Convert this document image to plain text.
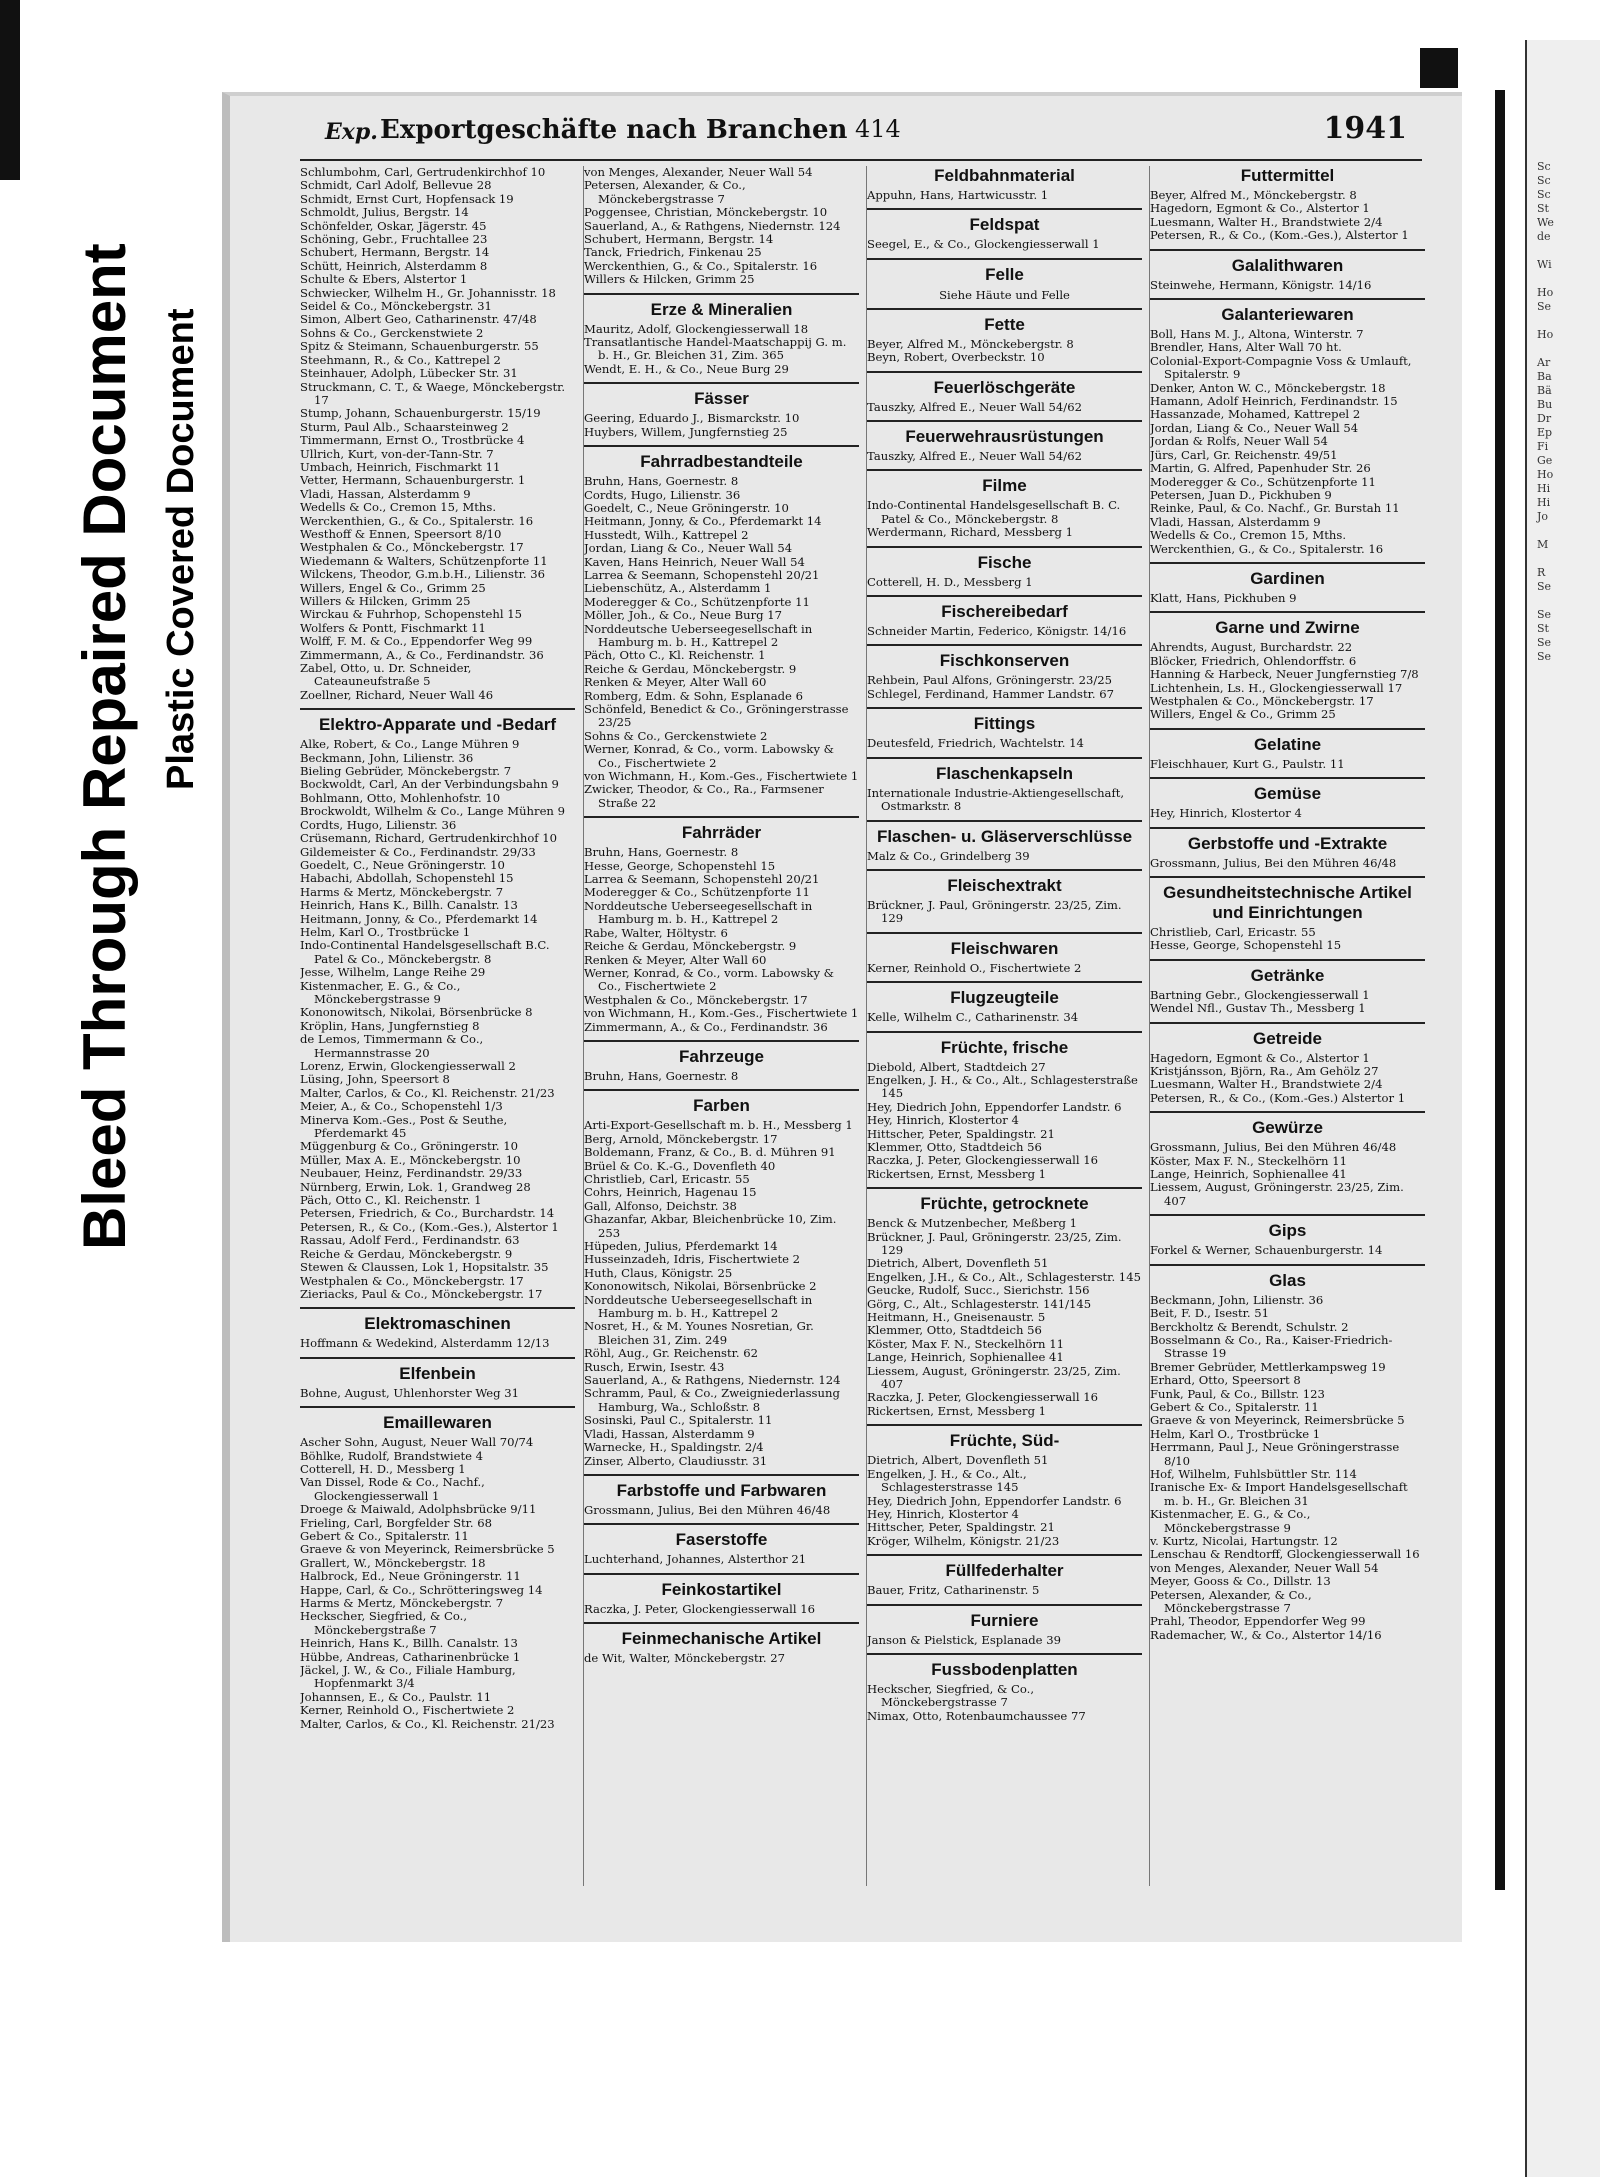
Bleed Through Repaired Document Plastic Covered Document
Exp. Exportgeschäfte nach Branchen 414	1941
Schlumbohm, Carl, Gertrudenkirchhof 10
Schmidt, Carl Adolf, Bellevue 28
Schmidt, Ernst Curt, Hopfensack 19
Schmoldt, Julius, Bergstr. 14
Schönfelder, Oskar, Jägerstr. 45
Schöning, Gebr., Fruchtallee 23
Schubert, Hermann, Bergstr. 14
Schütt, Heinrich, Alsterdamm 8
Schulte & Ebers, Alstertor 1
Schwiecker, Wilhelm H., Gr. Johannisstr. 18
Seidel & Co., Mönckebergstr. 31
Simon, Albert Geo, Catharinenstr. 47/48
Sohns & Co., Gerckenstwiete 2
Spitz & Steimann, Schauenburgerstr. 55
Steehmann, R., & Co., Kattrepel 2
Steinhauer, Adolph, Lübecker Str. 31
Struckmann, C. T., & Waege, Mönckebergstr. 17
Stump, Johann, Schauenburgerstr. 15/19
Sturm, Paul Alb., Schaarsteinweg 2
Timmermann, Ernst O., Trostbrücke 4
Ullrich, Kurt, von-der-Tann-Str. 7
Umbach, Heinrich, Fischmarkt 11
Vetter, Hermann, Schauenburgerstr. 1
Vladi, Hassan, Alsterdamm 9
Wedells & Co., Cremon 15, Mths.
Werckenthien, G., & Co., Spitalerstr. 16
Westhoff & Ennen, Speersort 8/10
Westphalen & Co., Mönckebergstr. 17
Wiedemann & Walters, Schützenpforte 11
Wilckens, Theodor, G.m.b.H., Lilienstr. 36
Willers, Engel & Co., Grimm 25
Willers & Hilcken, Grimm 25
Wirckau & Fuhrhop, Schopenstehl 15
Wolfers & Pontt, Fischmarkt 11
Wolff, F. M. & Co., Eppendorfer Weg 99
Zimmermann, A., & Co., Ferdinandstr. 36
Zabel, Otto, u. Dr. Schneider, Cateauneufstraße 5
Zoellner, Richard, Neuer Wall 46
Elektro-Apparate und -Bedarf
Alke, Robert, & Co., Lange Mühren 9
Beckmann, John, Lilienstr. 36
Bieling Gebrüder, Mönckebergstr. 7
Bockwoldt, Carl, An der Verbindungsbahn 9
Bohlmann, Otto, Mohlenhofstr. 10
Brockwoldt, Wilhelm & Co., Lange Mühren 9
Cordts, Hugo, Lilienstr. 36
Crüsemann, Richard, Gertrudenkirchhof 10
Gildemeister & Co., Ferdinandstr. 29/33
Goedelt, C., Neue Gröningerstr. 10
Habachi, Abdollah, Schopenstehl 15
Harms & Mertz, Mönckebergstr. 7
Heinrich, Hans K., Billh. Canalstr. 13
Heitmann, Jonny, & Co., Pferdemarkt 14
Helm, Karl O., Trostbrücke 1
Indo-Continental Handelsgesellschaft B.C. Patel & Co., Mönckebergstr. 8
Jesse, Wilhelm, Lange Reihe 29
Kistenmacher, E. G., & Co., Mönckebergstrasse 9
Kononowitsch, Nikolai, Börsenbrücke 8
Kröplin, Hans, Jungfernstieg 8
de Lemos, Timmermann & Co., Hermannstrasse 20
Lorenz, Erwin, Glockengiesserwall 2
Lüsing, John, Speersort 8
Malter, Carlos, & Co., Kl. Reichenstr. 21/23
Meier, A., & Co., Schopenstehl 1/3
Minerva Kom.-Ges., Post & Seuthe, Pferdemarkt 45
Müggenburg & Co., Gröningerstr. 10
Müller, Max A. E., Mönckebergstr. 10
Neubauer, Heinz, Ferdinandstr. 29/33
Nürnberg, Erwin, Lok. 1, Grandweg 28
Päch, Otto C., Kl. Reichenstr. 1
Petersen, Friedrich, & Co., Burchardstr. 14
Petersen, R., & Co., (Kom.-Ges.), Alstertor 1
Rassau, Adolf Ferd., Ferdinandstr. 63
Reiche & Gerdau, Mönckebergstr. 9
Stewen & Claussen, Lok 1, Hopsitalstr. 35
Westphalen & Co., Mönckebergstr. 17
Zieriacks, Paul & Co., Mönckebergstr. 17
Elektromaschinen
Hoffmann & Wedekind, Alsterdamm 12/13
Elfenbein
Bohne, August, Uhlenhorster Weg 31
Emaillewaren
Ascher Sohn, August, Neuer Wall 70/74
Böhlke, Rudolf, Brandstwiete 4
Cotterell, H. D., Messberg 1
Van Dissel, Rode & Co., Nachf., Glockengiesserwall 1
Droege & Maiwald, Adolphsbrücke 9/11
Frieling, Carl, Borgfelder Str. 68
Gebert & Co., Spitalerstr. 11
Graeve & von Meyerinck, Reimersbrücke 5
Grallert, W., Mönckebergstr. 18
Halbrock, Ed., Neue Gröningerstr. 11
Happe, Carl, & Co., Schrötteringsweg 14
Harms & Mertz, Mönckebergstr. 7
Heckscher, Siegfried, & Co., Mönckebergstraße 7
Heinrich, Hans K., Billh. Canalstr. 13
Hübbe, Andreas, Catharinenbrücke 1
Jäckel, J. W., & Co., Filiale Hamburg, Hopfenmarkt 3/4
Johannsen, E., & Co., Paulstr. 11
Kerner, Reinhold O., Fischertwiete 2
Malter, Carlos, & Co., Kl. Reichenstr. 21/23
von Menges, Alexander, Neuer Wall 54
Petersen, Alexander, & Co., Mönckebergstrasse 7
Poggensee, Christian, Mönckebergstr. 10
Sauerland, A., & Rathgens, Niedernstr. 124
Schubert, Hermann, Bergstr. 14
Tanck, Friedrich, Finkenau 25
Werckenthien, G., & Co., Spitalerstr. 16
Willers & Hilcken, Grimm 25
Erze & Mineralien
Mauritz, Adolf, Glockengiesserwall 18
Transatlantische Handel-Maatschappij G. m. b. H., Gr. Bleichen 31, Zim. 365
Wendt, E. H., & Co., Neue Burg 29
Fässer
Geering, Eduardo J., Bismarckstr. 10
Huybers, Willem, Jungfernstieg 25
Fahrradbestandteile
Bruhn, Hans, Goernestr. 8
Cordts, Hugo, Lilienstr. 36
Goedelt, C., Neue Gröningerstr. 10
Heitmann, Jonny, & Co., Pferdemarkt 14
Husstedt, Wilh., Kattrepel 2
Jordan, Liang & Co., Neuer Wall 54
Kaven, Hans Heinrich, Neuer Wall 54
Larrea & Seemann, Schopenstehl 20/21
Liebenschütz, A., Alsterdamm 1
Moderegger & Co., Schützenpforte 11
Möller, Joh., & Co., Neue Burg 17
Norddeutsche Ueberseegesellschaft in Hamburg m. b. H., Kattrepel 2
Päch, Otto C., Kl. Reichenstr. 1
Reiche & Gerdau, Mönckebergstr. 9
Renken & Meyer, Alter Wall 60
Romberg, Edm. & Sohn, Esplanade 6
Schönfeld, Benedict & Co., Gröningerstrasse 23/25
Sohns & Co., Gerckenstwiete 2
Werner, Konrad, & Co., vorm. Labowsky & Co., Fischertwiete 2
von Wichmann, H., Kom.-Ges., Fischertwiete 1
Zwicker, Theodor, & Co., Ra., Farmsener Straße 22
Fahrräder
Bruhn, Hans, Goernestr. 8
Hesse, George, Schopenstehl 15
Larrea & Seemann, Schopenstehl 20/21
Moderegger & Co., Schützenpforte 11
Norddeutsche Ueberseegesellschaft in Hamburg m. b. H., Kattrepel 2
Rabe, Walter, Höltystr. 6
Reiche & Gerdau, Mönckebergstr. 9
Renken & Meyer, Alter Wall 60
Werner, Konrad, & Co., vorm. Labowsky & Co., Fischertwiete 2
Westphalen & Co., Mönckebergstr. 17
von Wichmann, H., Kom.-Ges., Fischertwiete 1
Zimmermann, A., & Co., Ferdinandstr. 36
Fahrzeuge
Bruhn, Hans, Goernestr. 8
Farben
Arti-Export-Gesellschaft m. b. H., Messberg 1
Berg, Arnold, Mönckebergstr. 17
Boldemann, Franz, & Co., B. d. Mühren 91
Brüel & Co. K.-G., Dovenfleth 40
Christlieb, Carl, Ericastr. 55
Cohrs, Heinrich, Hagenau 15
Gall, Alfonso, Deichstr. 38
Ghazanfar, Akbar, Bleichenbrücke 10, Zim. 253
Hüpeden, Julius, Pferdemarkt 14
Husseinzadeh, Idris, Fischertwiete 2
Huth, Claus, Königstr. 25
Kononowitsch, Nikolai, Börsenbrücke 2
Norddeutsche Ueberseegesellschaft in Hamburg m. b. H., Kattrepel 2
Nosret, H., & M. Younes Nosretian, Gr. Bleichen 31, Zim. 249
Röhl, Aug., Gr. Reichenstr. 62
Rusch, Erwin, Isestr. 43
Sauerland, A., & Rathgens, Niedernstr. 124
Schramm, Paul, & Co., Zweigniederlassung Hamburg, Wa., Schloßstr. 8
Sosinski, Paul C., Spitalerstr. 11
Vladi, Hassan, Alsterdamm 9
Warnecke, H., Spaldingstr. 2/4
Zinser, Alberto, Claudiusstr. 31
Farbstoffe und Farbwaren
Grossmann, Julius, Bei den Mühren 46/48
Faserstoffe
Luchterhand, Johannes, Alsterthor 21
Feinkostartikel
Raczka, J. Peter, Glockengiesserwall 16
Feinmechanische Artikel
de Wit, Walter, Mönckebergstr. 27
Feldbahnmaterial
Appuhn, Hans, Hartwicusstr. 1
Feldspat
Seegel, E., & Co., Glockengiesserwall 1
Felle
Siehe Häute und Felle
Fette
Beyer, Alfred M., Mönckebergstr. 8
Beyn, Robert, Overbeckstr. 10
Feuerlöschgeräte
Tauszky, Alfred E., Neuer Wall 54/62
Feuerwehrausrüstungen
Tauszky, Alfred E., Neuer Wall 54/62
Filme
Indo-Continental Handelsgesellschaft B. C. Patel & Co., Mönckebergstr. 8
Werdermann, Richard, Messberg 1
Fische
Cotterell, H. D., Messberg 1
Fischereibedarf
Schneider Martin, Federico, Königstr. 14/16
Fischkonserven
Rehbein, Paul Alfons, Gröningerstr. 23/25
Schlegel, Ferdinand, Hammer Landstr. 67
Fittings
Deutesfeld, Friedrich, Wachtelstr. 14
Flaschenkapseln
Internationale Industrie-Aktiengesellschaft, Ostmarkstr. 8
Flaschen- u. Gläserverschlüsse
Malz & Co., Grindelberg 39
Fleischextrakt
Brückner, J. Paul, Gröningerstr. 23/25, Zim. 129
Fleischwaren
Kerner, Reinhold O., Fischertwiete 2
Flugzeugteile
Kelle, Wilhelm C., Catharinenstr. 34
Früchte, frische
Diebold, Albert, Stadtdeich 27
Engelken, J. H., & Co., Alt., Schlagesterstraße 145
Hey, Diedrich John, Eppendorfer Landstr. 6
Hey, Hinrich, Klostertor 4
Hittscher, Peter, Spaldingstr. 21
Klemmer, Otto, Stadtdeich 56
Raczka, J. Peter, Glockengiesserwall 16
Rickertsen, Ernst, Messberg 1
Früchte, getrocknete
Benck & Mutzenbecher, Meßberg 1
Brückner, J. Paul, Gröningerstr. 23/25, Zim. 129
Dietrich, Albert, Dovenfleth 51
Engelken, J.H., & Co., Alt., Schlagesterstr. 145
Geucke, Rudolf, Succ., Sierichstr. 156
Görg, C., Alt., Schlagesterstr. 141/145
Heitmann, H., Gneisenaustr. 5
Klemmer, Otto, Stadtdeich 56
Köster, Max F. N., Steckelhörn 11
Lange, Heinrich, Sophienallee 41
Liessem, August, Gröningerstr. 23/25, Zim. 407
Raczka, J. Peter, Glockengiesserwall 16
Rickertsen, Ernst, Messberg 1
Früchte, Süd-
Dietrich, Albert, Dovenfleth 51
Engelken, J. H., & Co., Alt., Schlagesterstrasse 145
Hey, Diedrich John, Eppendorfer Landstr. 6
Hey, Hinrich, Klostertor 4
Hittscher, Peter, Spaldingstr. 21
Kröger, Wilhelm, Königstr. 21/23
Füllfederhalter
Bauer, Fritz, Catharinenstr. 5
Furniere
Janson & Pielstick, Esplanade 39
Fussbodenplatten
Heckscher, Siegfried, & Co., Mönckebergstrasse 7
Nimax, Otto, Rotenbaumchaussee 77
Futtermittel
Beyer, Alfred M., Mönckebergstr. 8
Hagedorn, Egmont & Co., Alstertor 1
Luesmann, Walter H., Brandstwiete 2/4
Petersen, R., & Co., (Kom.-Ges.), Alstertor 1
Galalithwaren
Steinwehe, Hermann, Königstr. 14/16
Galanteriewaren
Boll, Hans M. J., Altona, Winterstr. 7
Brendler, Hans, Alter Wall 70 ht.
Colonial-Export-Compagnie Voss & Umlauft, Spitalerstr. 9
Denker, Anton W. C., Mönckebergstr. 18
Hamann, Adolf Heinrich, Ferdinandstr. 15
Hassanzade, Mohamed, Kattrepel 2
Jordan, Liang & Co., Neuer Wall 54
Jordan & Rolfs, Neuer Wall 54
Jürs, Carl, Gr. Reichenstr. 49/51
Martin, G. Alfred, Papenhuder Str. 26
Moderegger & Co., Schützenpforte 11
Petersen, Juan D., Pickhuben 9
Reinke, Paul, & Co. Nachf., Gr. Burstah 11
Vladi, Hassan, Alsterdamm 9
Wedells & Co., Cremon 15, Mths.
Werckenthien, G., & Co., Spitalerstr. 16
Gardinen
Klatt, Hans, Pickhuben 9
Garne und Zwirne
Ahrendts, August, Burchardstr. 22
Blöcker, Friedrich, Ohlendorffstr. 6
Hanning & Harbeck, Neuer Jungfernstieg 7/8
Lichtenhein, Ls. H., Glockengiesserwall 17
Westphalen & Co., Mönckebergstr. 17
Willers, Engel & Co., Grimm 25
Gelatine
Fleischhauer, Kurt G., Paulstr. 11
Gemüse
Hey, Hinrich, Klostertor 4
Gerbstoffe und -Extrakte
Grossmann, Julius, Bei den Mühren 46/48
Gesundheitstechnische Artikel und Einrichtungen
Christlieb, Carl, Ericastr. 55
Hesse, George, Schopenstehl 15
Getränke
Bartning Gebr., Glockengiesserwall 1
Wendel Nfl., Gustav Th., Messberg 1
Getreide
Hagedorn, Egmont & Co., Alstertor 1
Kristjánsson, Björn, Ra., Am Gehölz 27
Luesmann, Walter H., Brandstwiete 2/4
Petersen, R., & Co., (Kom.-Ges.) Alstertor 1
Gewürze
Grossmann, Julius, Bei den Mühren 46/48
Köster, Max F. N., Steckelhörn 11
Lange, Heinrich, Sophienallee 41
Liessem, August, Gröningerstr. 23/25, Zim. 407
Gips
Forkel & Werner, Schauenburgerstr. 14
Glas
Beckmann, John, Lilienstr. 36
Beit, F. D., Isestr. 51
Berckholtz & Berendt, Schulstr. 2
Bosselmann & Co., Ra., Kaiser-Friedrich-Strasse 19
Bremer Gebrüder, Mettlerkampsweg 19
Erhard, Otto, Speersort 8
Funk, Paul, & Co., Billstr. 123
Gebert & Co., Spitalerstr. 11
Graeve & von Meyerinck, Reimersbrücke 5
Helm, Karl O., Trostbrücke 1
Herrmann, Paul J., Neue Gröningerstrasse 8/10
Hof, Wilhelm, Fuhlsbüttler Str. 114
Iranische Ex- & Import Handelsgesellschaft m. b. H., Gr. Bleichen 31
Kistenmacher, E. G., & Co., Mönckebergstrasse 9
v. Kurtz, Nicolai, Hartungstr. 12
Lenschau & Rendtorff, Glockengiesserwall 16
von Menges, Alexander, Neuer Wall 54
Meyer, Gooss & Co., Dillstr. 13
Petersen, Alexander, & Co., Mönckebergstrasse 7
Prahl, Theodor, Eppendorfer Weg 99
Rademacher, W., & Co., Alstertor 14/16
Sc
Sc
Sc
St
We
de

Wi

Ho
Se

Ho

Ar
Ba
Bä
Bu
Dr
Ep
Fi
Ge
Ho
Hi
Hi
Jo

M

R
Se

Se
St
Se
Se
